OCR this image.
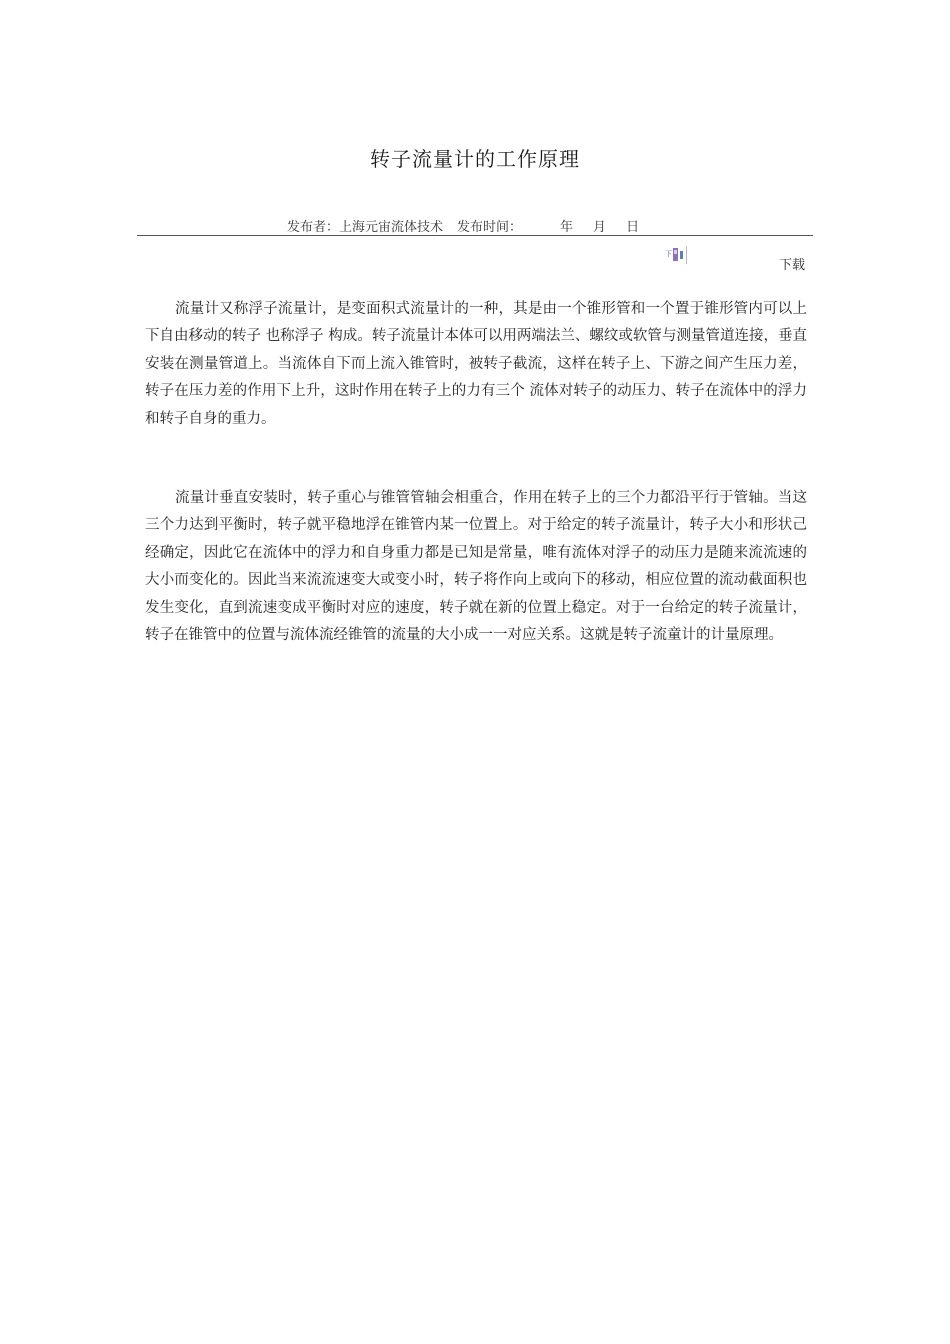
转子流量计的工作原理
发布者：上海元宙流体技术 发布时间：	年 月 日
下
下载

流量计又称浮子流量计，是变面积式流量计的一种，其是由一个锥形管和一个置于锥形管内可以上下自由移动的转子 也称浮子 构成。转子流量计本体可以用两端法兰、螺纹或软管与测量管道连接，垂直安装在测量管道上。当流体自下而上流入锥管时，被转子截流，这样在转子上、下游之间产生压力差，转子在压力差的作用下上升，这时作用在转子上的力有三个 流体对转子的动压力、转子在流体中的浮力和转子自身的重力。

流量计垂直安装时，转子重心与锥管管轴会相重合，作用在转子上的三个力都沿平行于管轴。当这三个力达到平衡时，转子就平稳地浮在锥管内某一位置上。对于给定的转子流量计，转子大小和形状己经确定，因此它在流体中的浮力和自身重力都是已知是常量，唯有流体对浮子的动压力是随来流流速的大小而变化的。因此当来流流速变大或变小时，转子将作向上或向下的移动，相应位置的流动截面积也发生变化，直到流速变成平衡时对应的速度，转子就在新的位置上稳定。对于一台给定的转子流量计，转子在锥管中的位置与流体流经锥管的流量的大小成一一对应关系。这就是转子流童计的计量原理。
